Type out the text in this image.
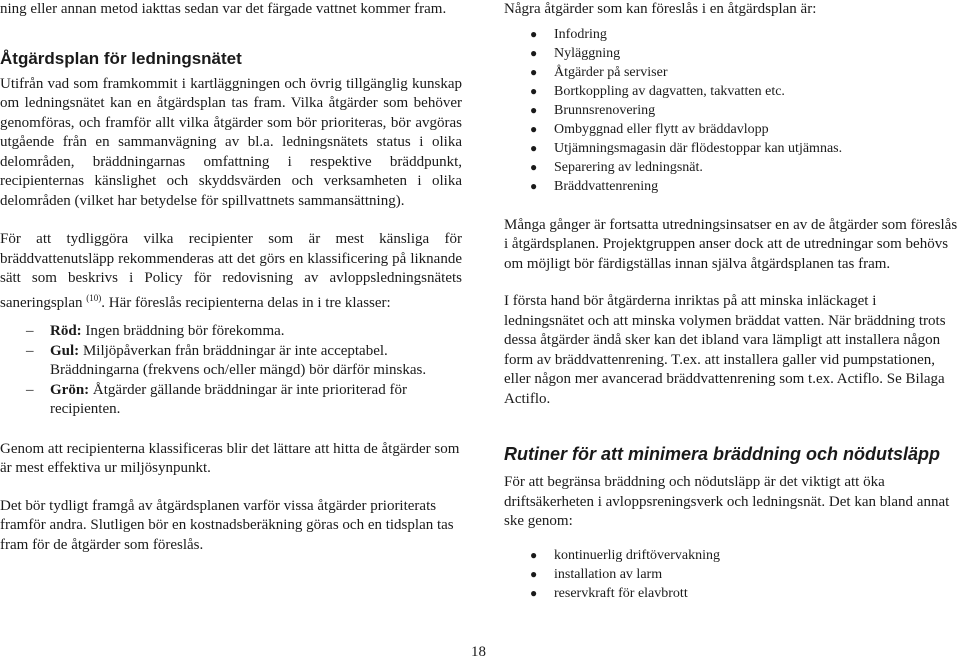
ning eller annan metod iakttas sedan var det färgade vattnet kommer fram.

Åtgärdsplan för ledningsnätet

Utifrån vad som framkommit i kartläggningen och övrig tillgänglig kunskap om ledningsnätet kan en åtgärdsplan tas fram. Vilka åtgärder som behöver genomföras, och framför allt vilka åtgärder som bör prioriteras, bör avgöras utgående från en sammanvägning av bl.a. ledningsnätets status i olika delområden, bräddningarnas omfattning i respektive bräddpunkt, recipienternas känslighet och skyddsvärden och verksamheten i olika delområden (vilket har betydelse för spillvattnets sammansättning).

För att tydliggöra vilka recipienter som är mest känsliga för bräddvattenutsläpp rekommenderas att det görs en klassificering på liknande sätt som beskrivs i Policy för redovisning av avloppsledningsnätets saneringsplan $^{(10)}$. Här föreslås recipienterna delas in i tre klasser:

– Röd: Ingen bräddning bör förekomma.
– Gul: Miljöpåverkan från bräddningar är inte acceptabel. Bräddningarna (frekvens och/eller mängd) bör därför minskas.
– Grön: Åtgärder gällande bräddningar är inte prioriterad för recipienten.

Genom att recipienterna klassificeras blir det lättare att hitta de åtgärder som är mest effektiva ur miljösynpunkt.

Det bör tydligt framgå av åtgärdsplanen varför vissa åtgärder prioriterats framför andra. Slutligen bör en kostnadsberäkning göras och en tidsplan tas fram för de åtgärder som föreslås.

Några åtgärder som kan föreslås i en åtgärdsplan är:

● Infodring
● Nyläggning
● Åtgärder på serviser
● Bortkoppling av dagvatten, takvatten etc.
● Brunnsrenovering
● Ombyggnad eller flytt av bräddavlopp
● Utjämningsmagasin där flödestoppar kan utjämnas.
● Separering av ledningsnät.
● Bräddvattenrening

Många gånger är fortsatta utredningsinsatser en av de åtgärder som föreslås i åtgärdsplanen. Projektgruppen anser dock att de utredningar som behövs om möjligt bör färdigställas innan själva åtgärdsplanen tas fram.

I första hand bör åtgärderna inriktas på att minska inläckaget i ledningsnätet och att minska volymen bräddat vatten. När bräddning trots dessa åtgärder ändå sker kan det ibland vara lämpligt att installera någon form av bräddvattenrening. T.ex. att installera galler vid pumpstationen, eller någon mer avancerad bräddvattenrening som t.ex. Actiflo. Se Bilaga Actiflo.

Rutiner för att minimera bräddning och nödutsläpp

För att begränsa bräddning och nödutsläpp är det viktigt att öka driftsäkerheten i avloppsreningsverk och ledningsnät. Det kan bland annat ske genom:

● kontinuerlig driftövervakning
● installation av larm
● reservkraft för elavbrott
18
